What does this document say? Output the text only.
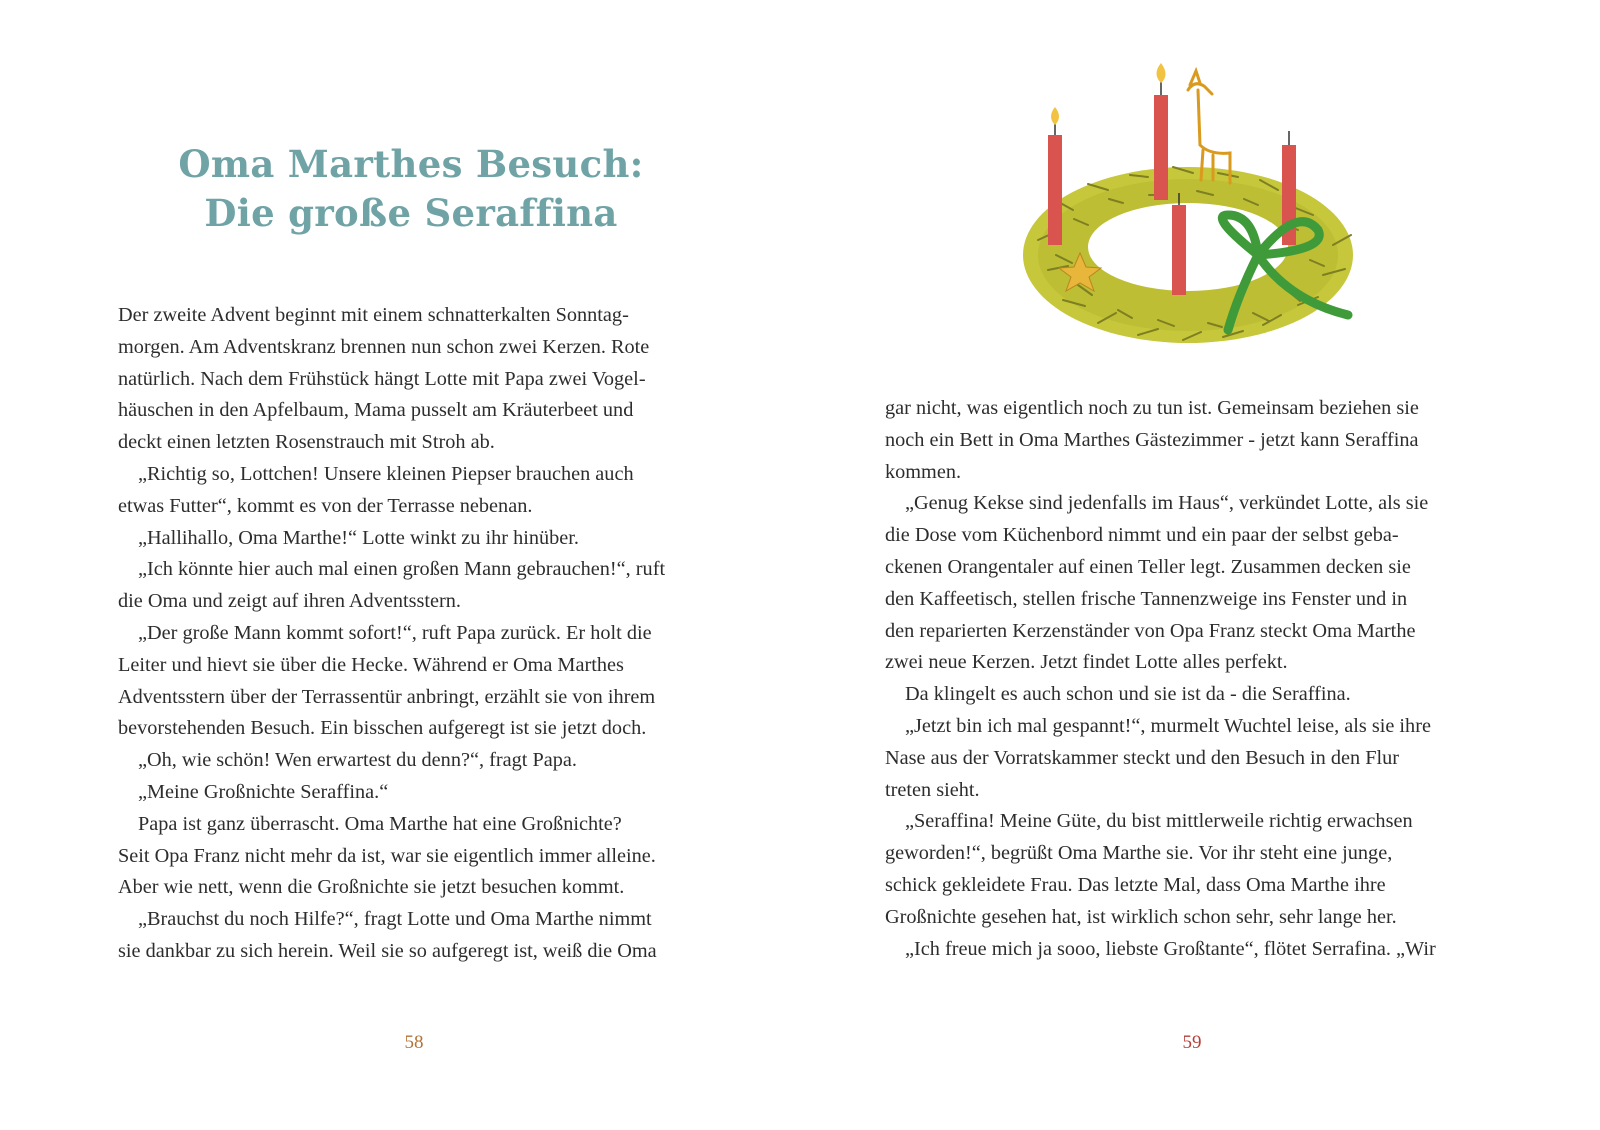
Oma Marthes Besuch:
Die große Seraffina
Der zweite Advent beginnt mit einem schnatterkalten Sonntag-
morgen. Am Adventskranz brennen nun schon zwei Kerzen. Rote
natürlich. Nach dem Frühstück hängt Lotte mit Papa zwei Vogel-
häuschen in den Apfelbaum, Mama pusselt am Kräuterbeet und
deckt einen letzten Rosenstrauch mit Stroh ab.
„Richtig so, Lottchen! Unsere kleinen Piepser brauchen auch
etwas Futter“, kommt es von der Terrasse nebenan.
„Hallihallo, Oma Marthe!“ Lotte winkt zu ihr hinüber.
„Ich könnte hier auch mal einen großen Mann gebrauchen!“, ruft
die Oma und zeigt auf ihren Adventsstern.
„Der große Mann kommt sofort!“, ruft Papa zurück. Er holt die
Leiter und hievt sie über die Hecke. Während er Oma Marthes
Adventsstern über der Terrassentür anbringt, erzählt sie von ihrem
bevorstehenden Besuch. Ein bisschen aufgeregt ist sie jetzt doch.
„Oh, wie schön! Wen erwartest du denn?“, fragt Papa.
„Meine Großnichte Seraffina.“
Papa ist ganz überrascht. Oma Marthe hat eine Großnichte?
Seit Opa Franz nicht mehr da ist, war sie eigentlich immer alleine.
Aber wie nett, wenn die Großnichte sie jetzt besuchen kommt.
„Brauchst du noch Hilfe?“, fragt Lotte und Oma Marthe nimmt
sie dankbar zu sich herein. Weil sie so aufgeregt ist, weiß die Oma
58
gar nicht, was eigentlich noch zu tun ist. Gemeinsam beziehen sie
noch ein Bett in Oma Marthes Gästezimmer - jetzt kann Seraffina
kommen.
„Genug Kekse sind jedenfalls im Haus“, verkündet Lotte, als sie
die Dose vom Küchenbord nimmt und ein paar der selbst geba-
ckenen Orangentaler auf einen Teller legt. Zusammen decken sie
den Kaffeetisch, stellen frische Tannenzweige ins Fenster und in
den reparierten Kerzenständer von Opa Franz steckt Oma Marthe
zwei neue Kerzen. Jetzt findet Lotte alles perfekt.
Da klingelt es auch schon und sie ist da - die Seraffina.
„Jetzt bin ich mal gespannt!“, murmelt Wuchtel leise, als sie ihre
Nase aus der Vorratskammer steckt und den Besuch in den Flur
treten sieht.
„Seraffina! Meine Güte, du bist mittlerweile richtig erwachsen
geworden!“, begrüßt Oma Marthe sie. Vor ihr steht eine junge,
schick gekleidete Frau. Das letzte Mal, dass Oma Marthe ihre
Großnichte gesehen hat, ist wirklich schon sehr, sehr lange her.
„Ich freue mich ja sooo, liebste Großtante“, flötet Serrafina. „Wir
59
